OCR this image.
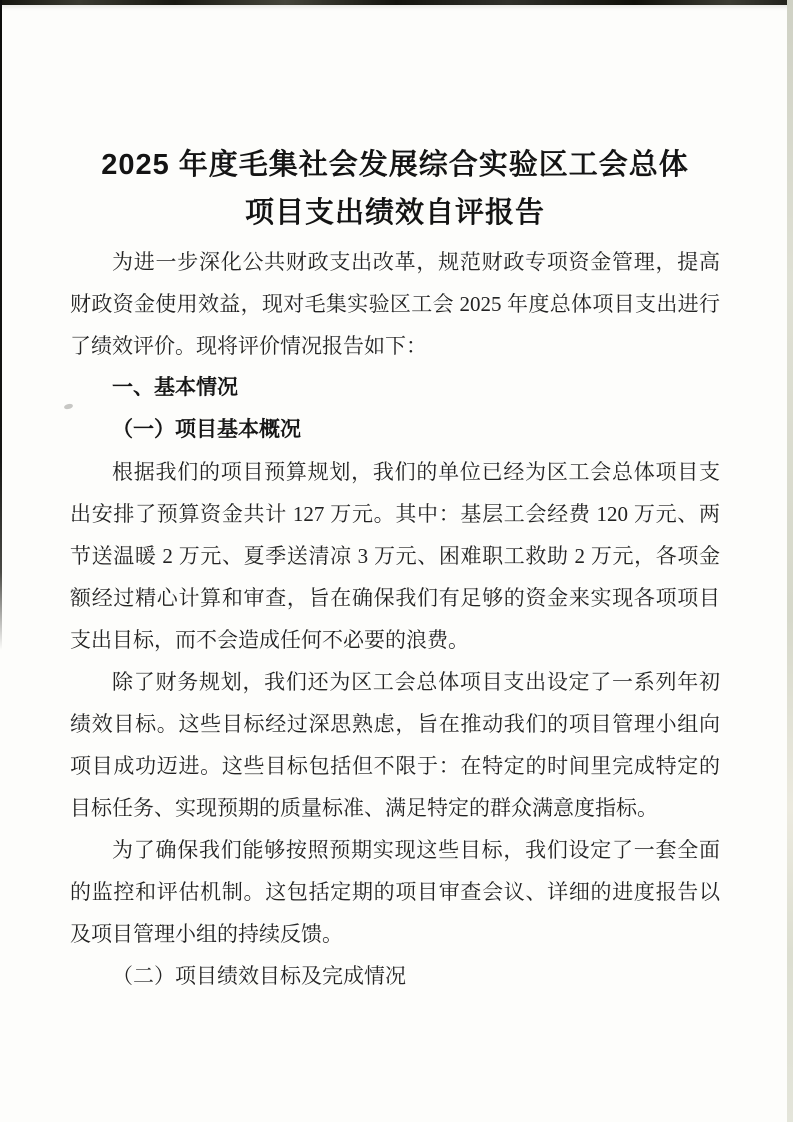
2025 年度毛集社会发展综合实验区工会总体
项目支出绩效自评报告

为进一步深化公共财政支出改革，规范财政专项资金管理，提高财政资金使用效益，现对毛集实验区工会 2025 年度总体项目支出进行了绩效评价。现将评价情况报告如下：

一、基本情况
（一）项目基本概况

根据我们的项目预算规划，我们的单位已经为区工会总体项目支出安排了预算资金共计 127 万元。其中：基层工会经费 120 万元、两节送温暖 2 万元、夏季送清凉 3 万元、困难职工救助 2 万元，各项金额经过精心计算和审查，旨在确保我们有足够的资金来实现各项项目支出目标，而不会造成任何不必要的浪费。

除了财务规划，我们还为区工会总体项目支出设定了一系列年初绩效目标。这些目标经过深思熟虑，旨在推动我们的项目管理小组向项目成功迈进。这些目标包括但不限于：在特定的时间里完成特定的目标任务、实现预期的质量标准、满足特定的群众满意度指标。

为了确保我们能够按照预期实现这些目标，我们设定了一套全面的监控和评估机制。这包括定期的项目审查会议、详细的进度报告以及项目管理小组的持续反馈。

（二）项目绩效目标及完成情况
